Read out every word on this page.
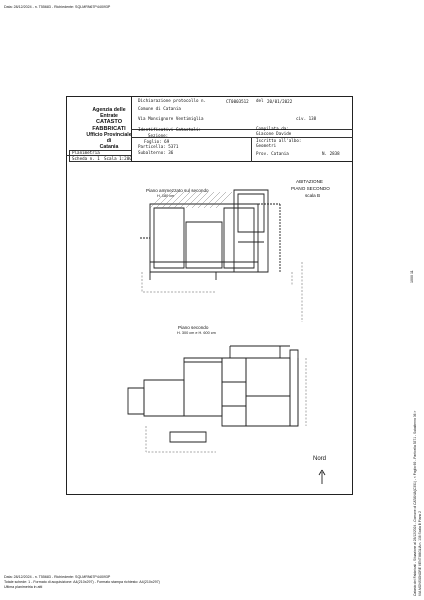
Data: 28/12/2024 - n. T55683 - Richiedente: SQLMRN67P44I093P
Agenzia delle Entrate
CATASTO FABBRICATI
Ufficio Provinciale di
Catania
Dichiarazione protocollo n.	CT0003512 del 20/01/2022
Comune di Catania
Via Monsignore Ventimiglia	civ. 138
Identificativi Catastali:
Sezione:
Foglio: 69
Particella: 5371
Subalterno: 36
Compilata da:
Giacone Davide
Iscritto all'albo:
Geometri
Prov. Catania	N. 2838
Planimetria
Scheda n. 1 Scala 1:200
Piano ammezzato sul secondo
H. 180 cm
ABITAZIONE
PIANO SECONDO
scala B
Piano secondo
H. 300 cm e H. 600 cm
Nord
1000 11
Catasto dei Fabbricati - Situazione al 28/12/2024 - Comune di CATANIA(C351) - < Foglio 69 - Particella 5371 - Subalterno 36 > VIA MONSIGNORE VENTIMIGLIA n. 138 Scala B Piano 2
Data: 28/12/2024 - n. T55683 - Richiedente: SQLMRN67P44I093P
Totale schede: 1 - Formato di acquisizione: A4(210x297) - Formato stampa richiesto: A4(210x297)
Ultima planimetria in atti
